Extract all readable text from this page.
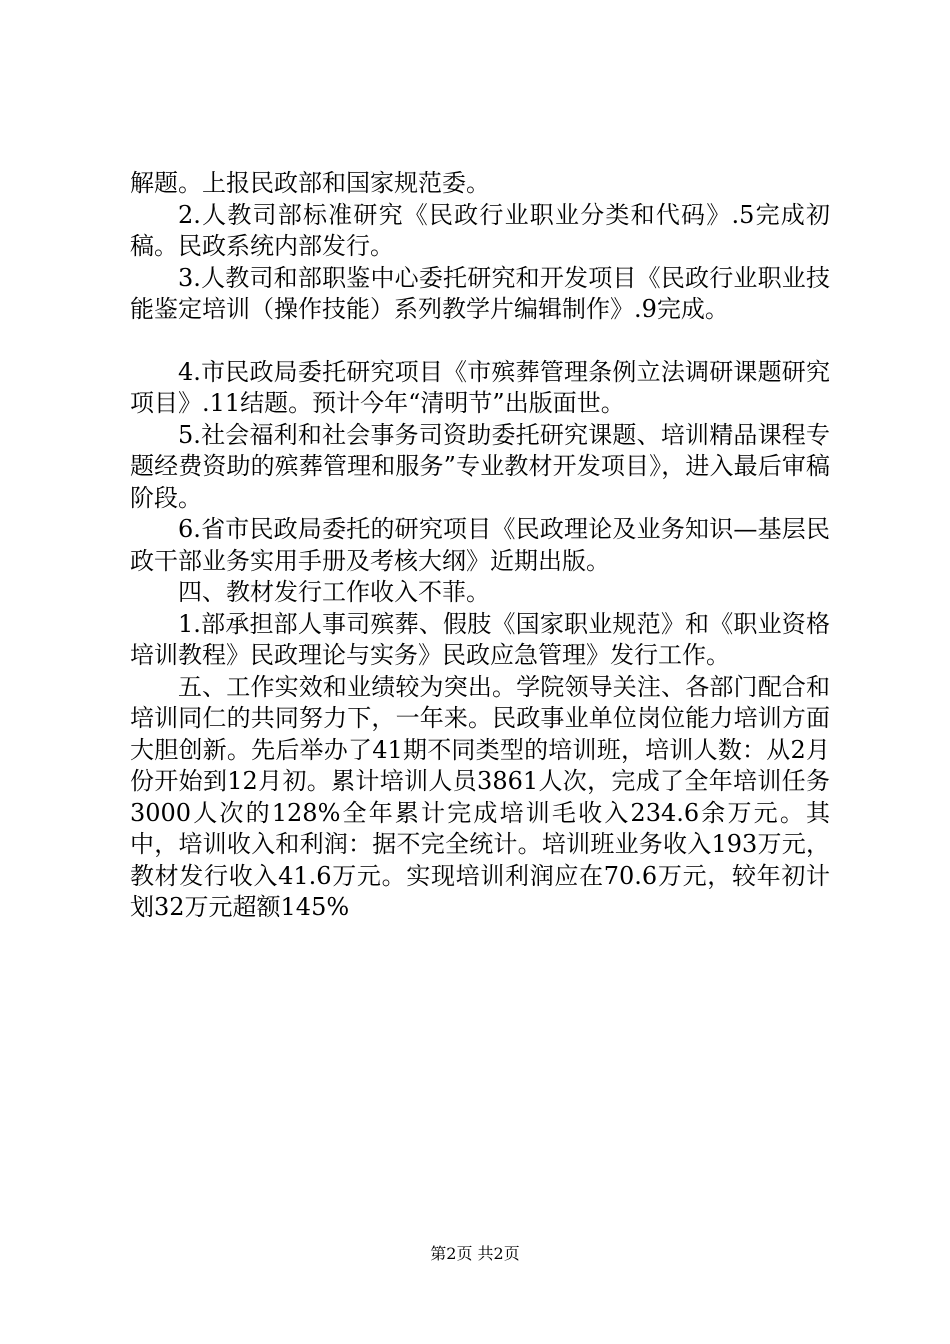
解题。上报民政部和国家规范委。

2.人教司部标准研究《民政行业职业分类和代码》.5完成初稿。民政系统内部发行。

3.人教司和部职鉴中心委托研究和开发项目《民政行业职业技能鉴定培训（操作技能）系列教学片编辑制作》.9完成。

4.市民政局委托研究项目《市殡葬管理条例立法调研课题研究项目》.11结题。预计今年“清明节”出版面世。

5.社会福利和社会事务司资助委托研究课题、培训精品课程专题经费资助的殡葬管理和服务”专业教材开发项目》，进入最后审稿阶段。

6.省市民政局委托的研究项目《民政理论及业务知识—基层民政干部业务实用手册及考核大纲》近期出版。

四、教材发行工作收入不菲。

1.部承担部人事司殡葬、假肢《国家职业规范》和《职业资格培训教程》民政理论与实务》民政应急管理》发行工作。

五、工作实效和业绩较为突出。学院领导关注、各部门配合和培训同仁的共同努力下，一年来。民政事业单位岗位能力培训方面大胆创新。先后举办了41期不同类型的培训班，培训人数：从2月份开始到12月初。累计培训人员3861人次，完成了全年培训任务3000人次的128%全年累计完成培训毛收入234.6余万元。其中，培训收入和利润：据不完全统计。培训班业务收入193万元，教材发行收入41.6万元。实现培训利润应在70.6万元，较年初计划32万元超额145%

第2页 共2页
